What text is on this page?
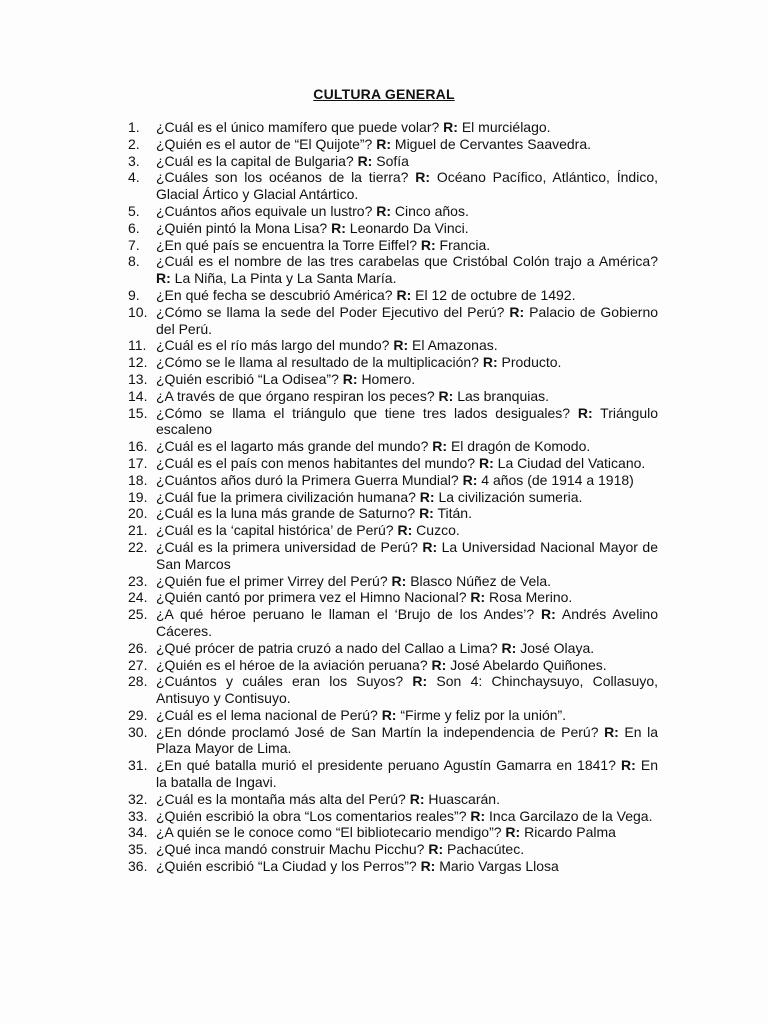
CULTURA GENERAL
1.	¿Cuál es el único mamífero que puede volar? R: El murciélago.
2.	¿Quién es el autor de “El Quijote”? R: Miguel de Cervantes Saavedra.
3.	¿Cuál es la capital de Bulgaria? R: Sofía
4.	¿Cuáles son los océanos de la tierra? R: Océano Pacífico, Atlántico, Índico, Glacial Ártico y Glacial Antártico.
5.	¿Cuántos años equivale un lustro? R: Cinco años.
6.	¿Quién pintó la Mona Lisa? R: Leonardo Da Vinci.
7.	¿En qué país se encuentra la Torre Eiffel? R: Francia.
8.	¿Cuál es el nombre de las tres carabelas que Cristóbal Colón trajo a América? R: La Niña, La Pinta y La Santa María.
9.	¿En qué fecha se descubrió América? R: El 12 de octubre de 1492.
10. ¿Cómo se llama la sede del Poder Ejecutivo del Perú? R: Palacio de Gobierno del Perú.
11. ¿Cuál es el río más largo del mundo? R: El Amazonas.
12. ¿Cómo se le llama al resultado de la multiplicación? R: Producto.
13. ¿Quién escribió “La Odisea”? R: Homero.
14. ¿A través de que órgano respiran los peces? R: Las branquias.
15. ¿Cómo se llama el triángulo que tiene tres lados desiguales? R: Triángulo escaleno
16. ¿Cuál es el lagarto más grande del mundo? R: El dragón de Komodo.
17. ¿Cuál es el país con menos habitantes del mundo? R: La Ciudad del Vaticano.
18. ¿Cuántos años duró la Primera Guerra Mundial? R: 4 años (de 1914 a 1918)
19. ¿Cuál fue la primera civilización humana? R: La civilización sumeria.
20. ¿Cuál es la luna más grande de Saturno? R: Titán.
21. ¿Cuál es la ‘capital histórica’ de Perú? R: Cuzco.
22. ¿Cuál es la primera universidad de Perú? R: La Universidad Nacional Mayor de San Marcos
23. ¿Quién fue el primer Virrey del Perú? R: Blasco Núñez de Vela.
24. ¿Quién cantó por primera vez el Himno Nacional? R: Rosa Merino.
25. ¿A qué héroe peruano le llaman el ‘Brujo de los Andes’? R: Andrés Avelino Cáceres.
26. ¿Qué prócer de patria cruzó a nado del Callao a Lima? R: José Olaya.
27. ¿Quién es el héroe de la aviación peruana? R: José Abelardo Quiñones.
28. ¿Cuántos y cuáles eran los Suyos? R: Son 4: Chinchaysuyo, Collasuyo, Antisuyo y Contisuyo.
29. ¿Cuál es el lema nacional de Perú? R: “Firme y feliz por la unión”.
30. ¿En dónde proclamó José de San Martín la independencia de Perú? R: En la Plaza Mayor de Lima.
31. ¿En qué batalla murió el presidente peruano Agustín Gamarra en 1841? R: En la batalla de Ingavi.
32. ¿Cuál es la montaña más alta del Perú? R: Huascarán.
33. ¿Quién escribió la obra “Los comentarios reales”? R: Inca Garcilazo de la Vega.
34. ¿A quién se le conoce como “El bibliotecario mendigo”? R: Ricardo Palma
35. ¿Qué inca mandó construir Machu Picchu? R: Pachacútec.
36. ¿Quién escribió “La Ciudad y los Perros”? R: Mario Vargas Llosa
